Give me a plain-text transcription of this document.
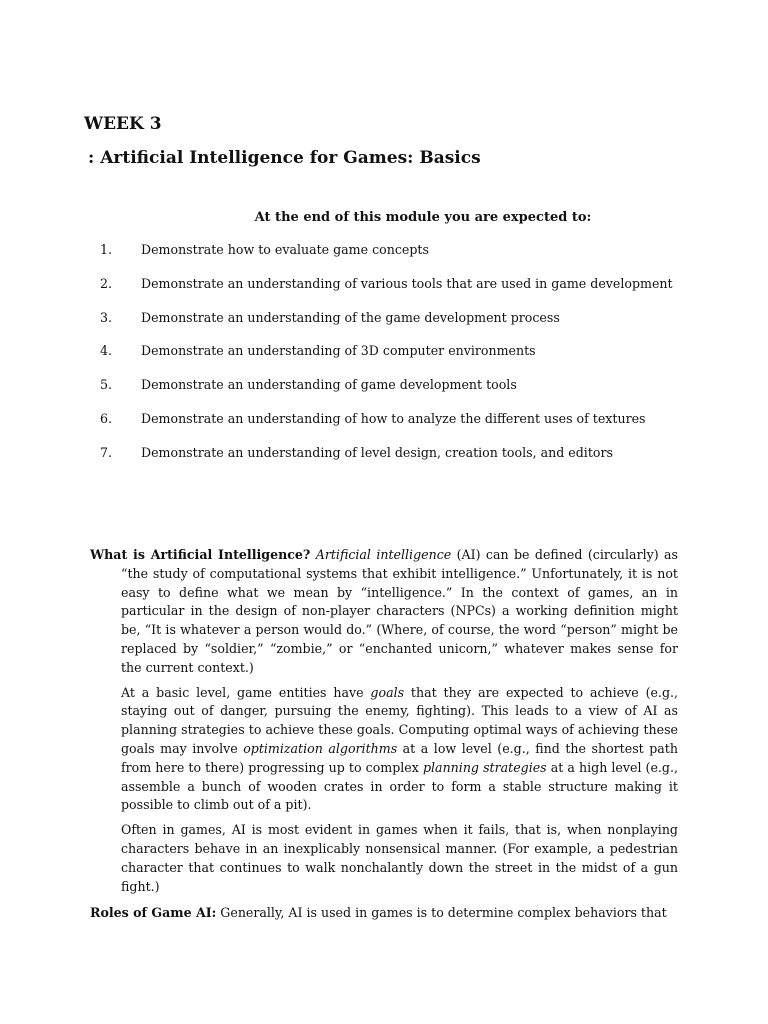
WEEK 3
: Artificial Intelligence for Games: Basics
At the end of this module you are expected to:
1.	Demonstrate how to evaluate game concepts
2.	Demonstrate an understanding of various tools that are used in game development
3.	Demonstrate an understanding of the game development process
4.	Demonstrate an understanding of 3D computer environments
5.	Demonstrate an understanding of game development tools
6.	Demonstrate an understanding of how to analyze the different uses of textures
7.	Demonstrate an understanding of level design, creation tools, and editors

What is Artificial Intelligence? Artificial intelligence (AI) can be defined (circularly) as “the study of computational systems that exhibit intelligence.” Unfortunately, it is not easy to define what we mean by “intelligence.” In the context of games, an in particular in the design of non-player characters (NPCs) a working definition might be, “It is whatever a person would do.” (Where, of course, the word “person” might be replaced by “soldier,” “zombie,” or “enchanted unicorn,” whatever makes sense for the current context.)

At a basic level, game entities have goals that they are expected to achieve (e.g., staying out of danger, pursuing the enemy, fighting). This leads to a view of AI as planning strategies to achieve these goals. Computing optimal ways of achieving these goals may involve optimization algorithms at a low level (e.g., find the shortest path from here to there) progressing up to complex planning strategies at a high level (e.g., assemble a bunch of wooden crates in order to form a stable structure making it possible to climb out of a pit).

Often in games, AI is most evident in games when it fails, that is, when nonplaying characters behave in an inexplicably nonsensical manner. (For example, a pedestrian character that continues to walk nonchalantly down the street in the midst of a gun fight.)

Roles of Game AI: Generally, AI is used in games is to determine complex behaviors that
